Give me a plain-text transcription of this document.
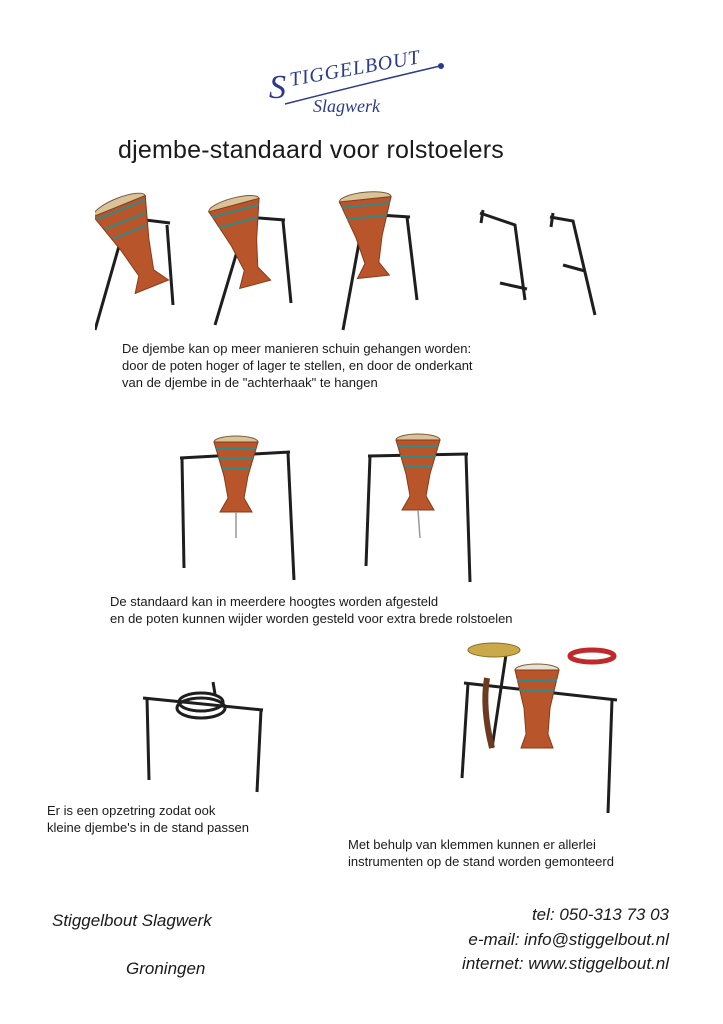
S TIGGELBOUT
Slagwerk
djembe-standaard voor rolstoelers
De djembe kan op meer manieren schuin gehangen worden:
door de poten hoger of lager te stellen, en door de onderkant
van de djembe in de "achterhaak" te hangen
De standaard kan in meerdere hoogtes worden afgesteld
en de poten kunnen wijder worden gesteld voor extra brede rolstoelen
Er is een opzetring zodat ook
kleine djembe's in de stand passen
Met behulp van klemmen kunnen er allerlei
instrumenten op de stand worden gemonteerd
Stiggelbout Slagwerk
Groningen
tel: 050-313 73 03
e-mail: info@stiggelbout.nl
internet: www.stiggelbout.nl
